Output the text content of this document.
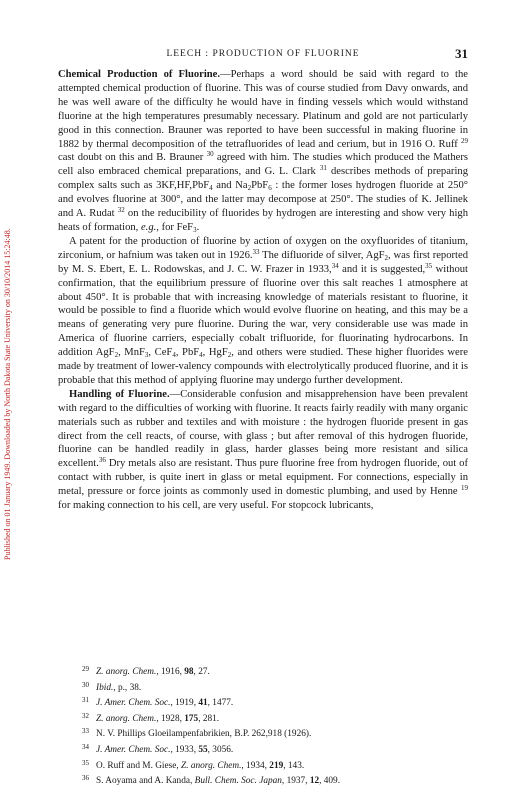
Published on 01 January 1949. Downloaded by North Dakota State University on 30/10/2014 15:24:48.
LEECH : PRODUCTION OF FLUORINE	31

Chemical Production of Fluorine.—Perhaps a word should be said with regard to the attempted chemical production of fluorine. This was of course studied from Davy onwards, and he was well aware of the difficulty he would have in finding vessels which would withstand fluorine at the high temperatures presumably necessary. Platinum and gold are not particularly good in this connection. Brauner was reported to have been successful in making fluorine in 1882 by thermal decomposition of the tetrafluorides of lead and cerium, but in 1916 O. Ruff $^{29}$ cast doubt on this and B. Brauner $^{30}$ agreed with him. The studies which produced the Mathers cell also embraced chemical preparations, and G. L. Clark $^{31}$ describes methods of preparing complex salts such as 3KF,HF,PbF$_4$ and $Na_2PbF_6$ : the former loses hydrogen fluoride at 250° and evolves fluorine at 300°, and the latter may decompose at 250°. The studies of K. Jellinek and A. Rudat $^{32}$ on the reducibility of fluorides by hydrogen are interesting and show very high heats of formation, e.g., for FeF$_3$.

A patent for the production of fluorine by action of oxygen on the oxyfluorides of titanium, zirconium, or hafnium was taken out in 1926.33 The difluoride of silver, AgF$_2$, was first reported by M. S. Ebert, E. L. Rodowskas, and J. C. W. Frazer in 1933,34 and it is suggested,$^{35}$ without confirmation, that the equilibrium pressure of fluorine over this salt reaches 1 atmosphere at about 450°. It is probable that with increasing knowledge of materials resistant to fluorine, it would be possible to find a fluoride which would evolve fluorine on heating, and this may be a means of generating very pure fluorine. During the war, very considerable use was made in America of fluorine carriers, especially cobalt trifluoride, for fluorinating hydrocarbons. In addition AgF$_2$, MnF$_3$, CeF$_4$, PbF$_4$, HgF$_2$, and others were studied. These higher fluorides were made by treatment of lower-valency compounds with electrolytically produced fluorine, and it is probable that this method of applying fluorine may undergo further development.

Handling of Fluorine.—Considerable confusion and misapprehension have been prevalent with regard to the difficulties of working with fluorine. It reacts fairly readily with many organic materials such as rubber and textiles and with moisture : the hydrogen fluoride present in gas direct from the cell reacts, of course, with glass ; but after removal of this hydrogen fluoride, fluorine can be handled readily in glass, harder glasses being more resistant and silica excellent.$^{36}$ Dry metals also are resistant. Thus pure fluorine free from hydrogen fluoride, out of contact with rubber, is quite inert in glass or metal equipment. For connections, especially in metal, pressure or force joints as commonly used in domestic plumbing, and used by Henne $^{19}$ for making connection to his cell, are very useful. For stopcock lubricants,

29 Z. anorg. Chem., 1916, 98, 27.
30 Ibid., p., 38.
31 J. Amer. Chem. Soc., 1919, 41, 1477.
32 Z. anorg. Chem., 1928, 175, 281.
33 N. V. Phillips Gloeilampenfabrikien, B.P. 262,918 (1926).
34 J. Amer. Chem. Soc., 1933, 55, 3056.
35 O. Ruff and M. Giese, Z. anorg. Chem., 1934, 219, 143.
36 S. Aoyama and A. Kanda, Bull. Chem. Soc. Japan, 1937, 12, 409.
